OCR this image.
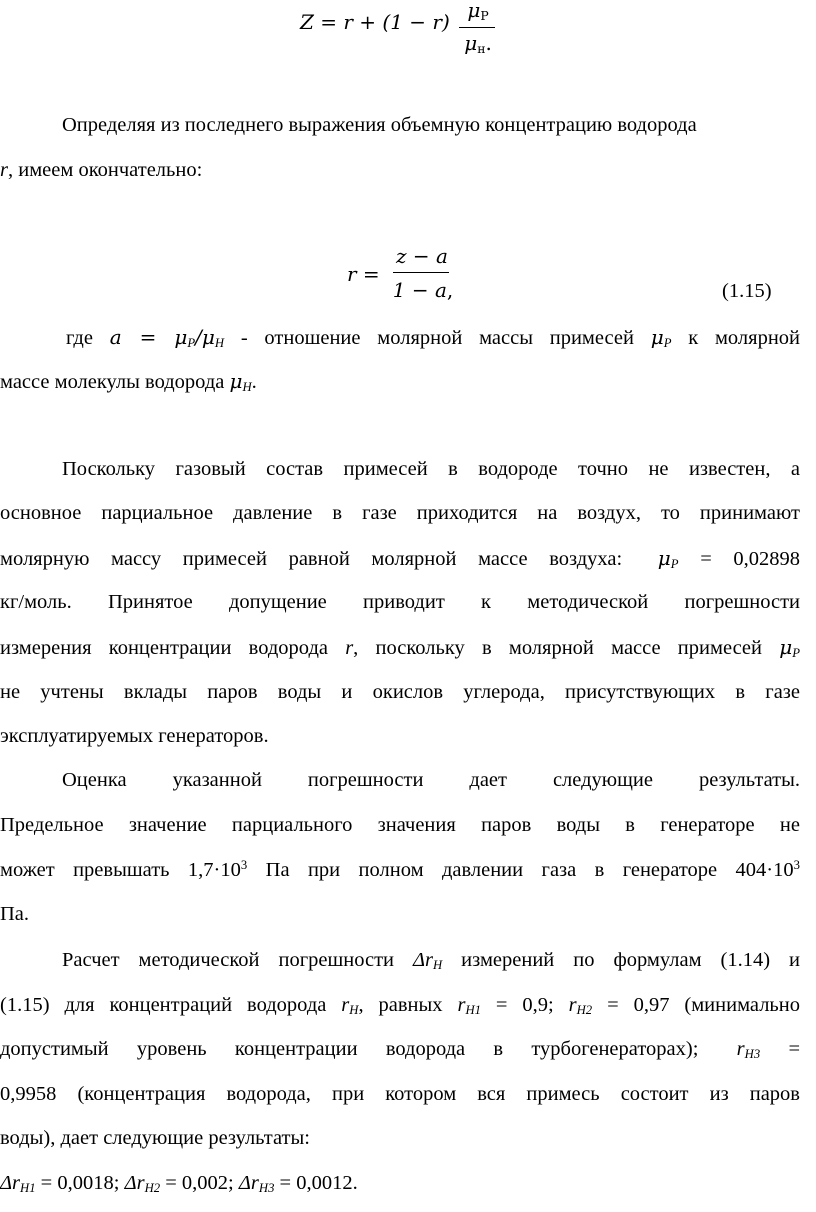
Z = r + (1 − r) $\mu_P$
$\mu_н$.
Определяя из последнего выражения объемную концентрацию водорода
r, имеем окончательно:
r =
z − a
1 − a,	(1.15)
где $a = \mu_P/\mu_H$ - отношение молярной массы примесей $\mu_P$ к молярной
массе молекулы водорода $\mu_H$.
Поскольку газовый состав примесей в водороде точно не известен, а
основное парциальное давление в газе приходится на воздух, то принимают
молярную массу примесей равной молярной массе воздуха: $\mu_P = 0,02898$
кг/моль. Принятое допущение приводит к методической погрешности
измерения концентрации водорода r, поскольку в молярной массе примесей $\mu_P$
не учтены вклады паров воды и окислов углерода, присутствующих в газе
эксплуатируемых генераторов.
Оценка указанной погрешности дает следующие результаты.
Предельное значение парциального значения паров воды в генераторе не
может превышать $1,7\cdot 10^3$ Па при полном давлении газа в генераторе $404\cdot 10^3$
Па.
Расчет методической погрешности $\Delta r_H$ измерений по формулам (1.14) и
(1.15) для концентраций водорода $r_H$, равных $r_{H1} = 0,9$; $r_{H2} = 0,97$ (минимально
допустимый уровень концентрации водорода в турбогенераторах); $r_{H3}$ =
0,9958 (концентрация водорода, при котором вся примесь состоит из паров
воды), дает следующие результаты:
$\Delta r_{H1} = 0,0018$; $\Delta r_{H2} = 0,002$; $\Delta r_{H3} = 0,0012$.
